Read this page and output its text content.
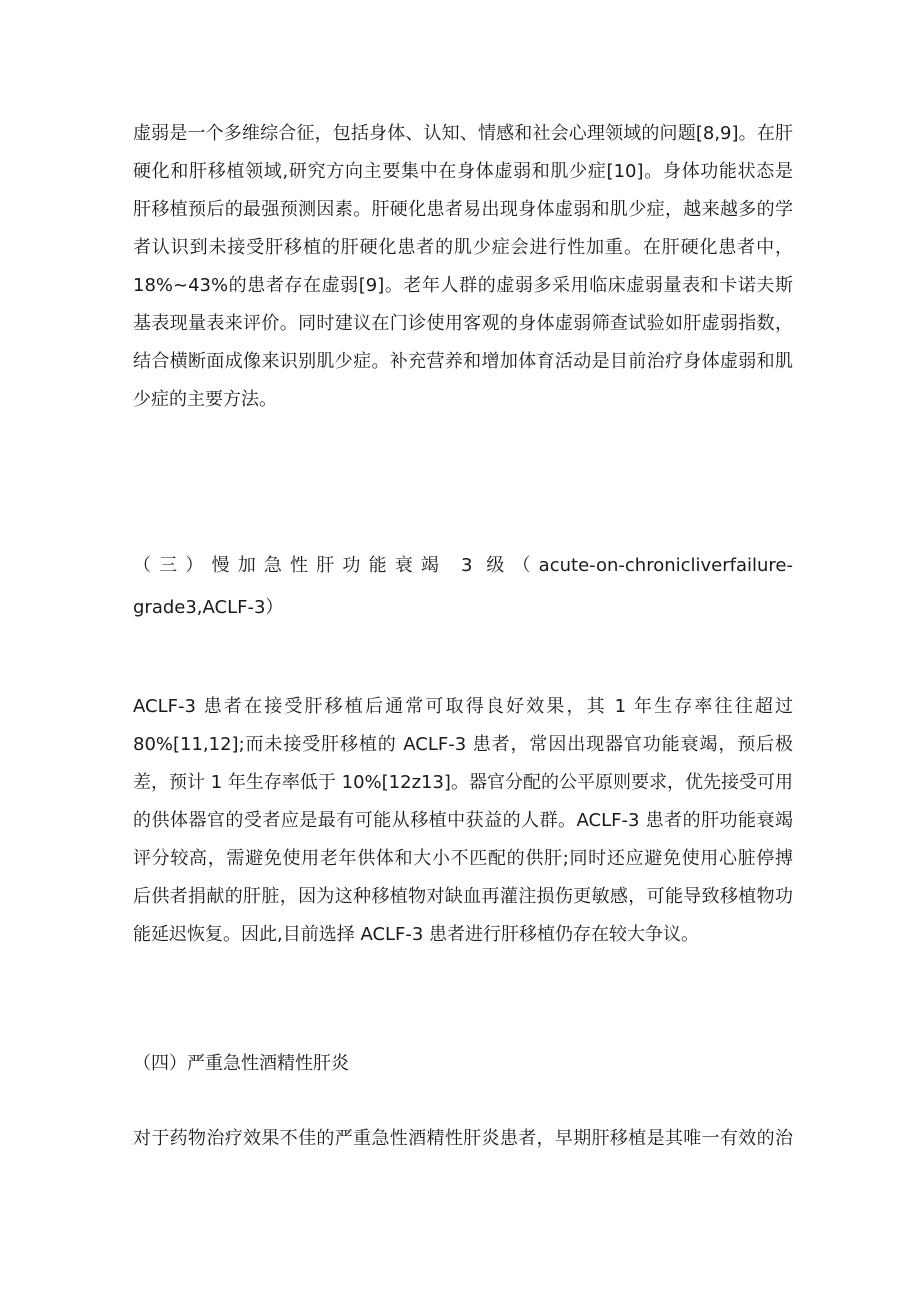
虚弱是一个多维综合征，包括身体、认知、情感和社会心理领域的问题[8,9]。在肝
硬化和肝移植领域,研究方向主要集中在身体虚弱和肌少症[10]。身体功能状态是
肝移植预后的最强预测因素。肝硬化患者易出现身体虚弱和肌少症，越来越多的学
者认识到未接受肝移植的肝硬化患者的肌少症会进行性加重。在肝硬化患者中，
18%~43%的患者存在虚弱[9]。老年人群的虚弱多采用临床虚弱量表和卡诺夫斯
基表现量表来评价。同时建议在门诊使用客观的身体虚弱筛查试验如肝虚弱指数，
结合横断面成像来识别肌少症。补充营养和增加体育活动是目前治疗身体虚弱和肌
少症的主要方法。
（三）慢加急性肝功能衰竭 3 级（acute-on-chronicliverfailure-
grade3,ACLF-3）
ACLF-3 患者在接受肝移植后通常可取得良好效果，其 1 年生存率往往超过
80%[11,12];而未接受肝移植的 ACLF-3 患者，常因出现器官功能衰竭，预后极
差，预计 1 年生存率低于 10%[12z13]。器官分配的公平原则要求，优先接受可用
的供体器官的受者应是最有可能从移植中获益的人群。ACLF-3 患者的肝功能衰竭
评分较高，需避免使用老年供体和大小不匹配的供肝;同时还应避免使用心脏停搏
后供者捐献的肝脏，因为这种移植物对缺血再灌注损伤更敏感，可能导致移植物功
能延迟恢复。因此,目前选择 ACLF-3 患者进行肝移植仍存在较大争议。
（四）严重急性酒精性肝炎
对于药物治疗效果不佳的严重急性酒精性肝炎患者，早期肝移植是其唯一有效的治
